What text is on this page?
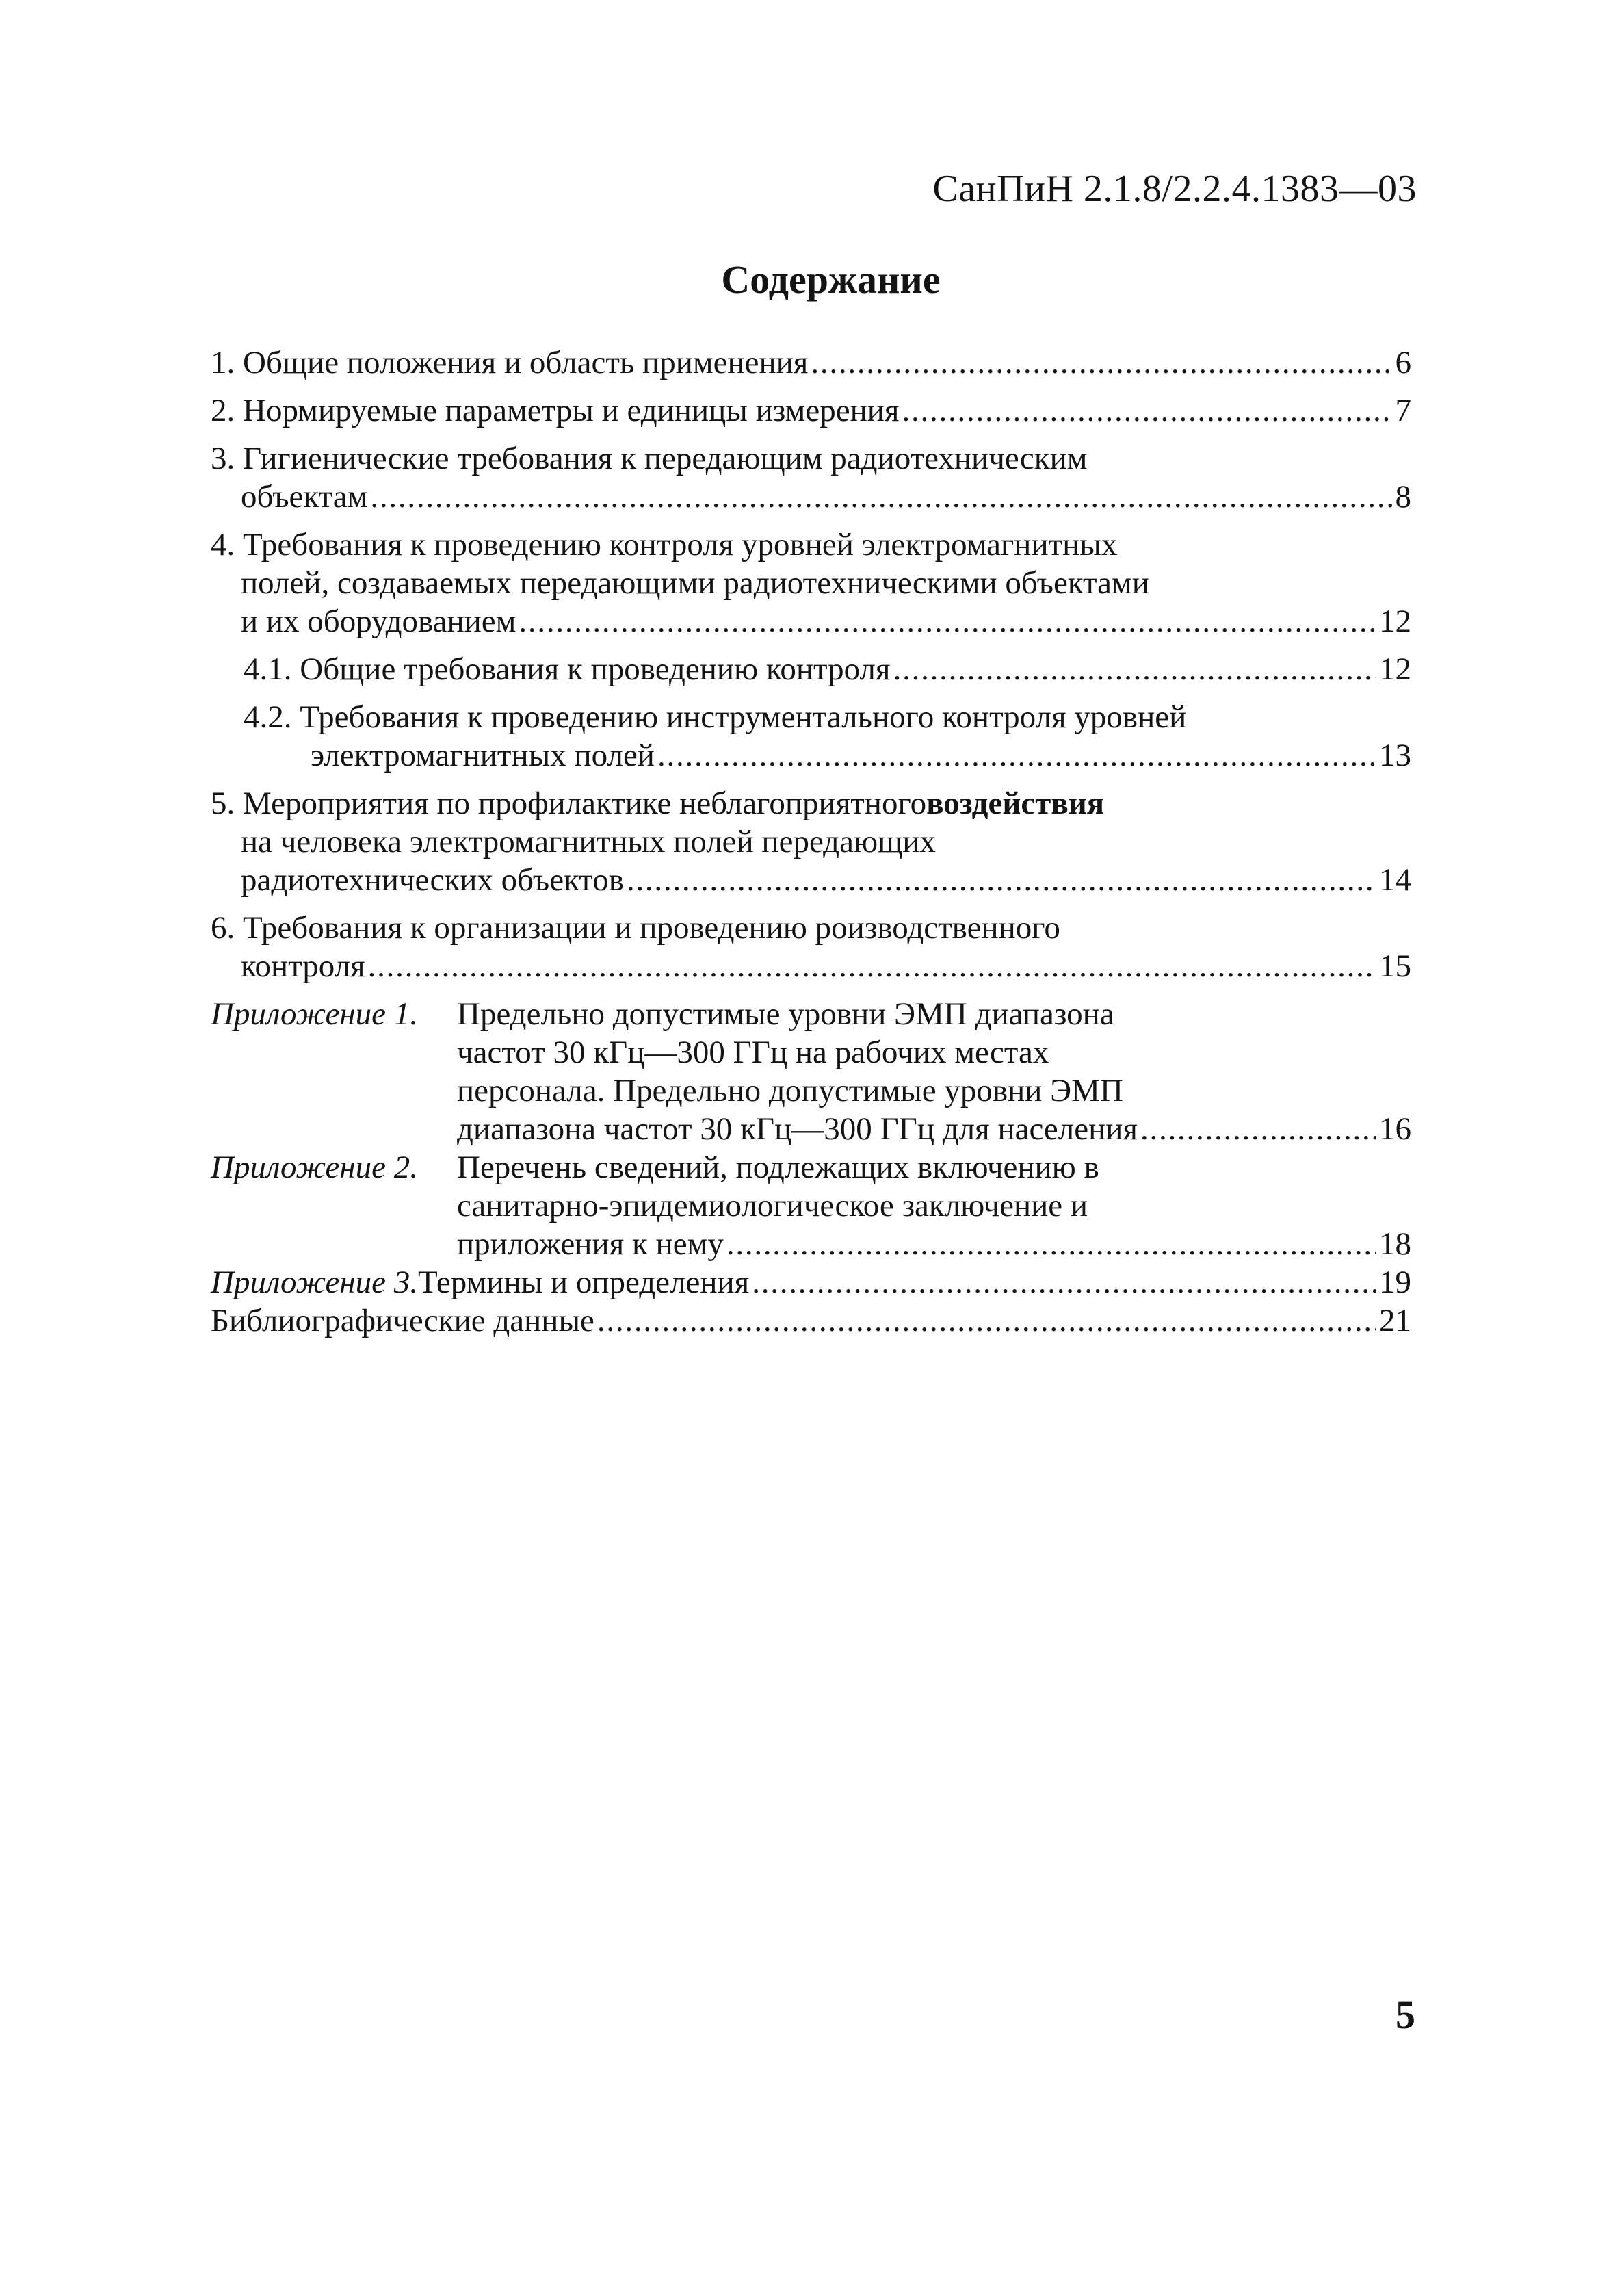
СанПиН 2.1.8/2.2.4.1383—03
Содержание
1. Общие положения и область применения . . .	6
2. Нормируемые параметры и единицы измерения . . .	7
3. Гигиенические требования к передающим радиотехническим
объектам . . .	8
4. Требования к проведению контроля уровней электромагнитных
полей, создаваемых передающими радиотехническими объектами
и их оборудованием . . .	12
4.1. Общие требования к проведению контроля . . .	12
4.2. Требования к проведению инструментального контроля уровней
электромагнитных полей . . .	13
5. Мероприятия по профилактике неблагоприятного воздействия
на человека электромагнитных полей передающих
радиотехнических объектов . . .	14
6. Требования к организации и проведению роизводственного
контроля . . .	15
Приложение 1.	Предельно допустимые уровни ЭМП диапазона
частот 30 кГц—300 ГГц на рабочих местах
персонала. Предельно допустимые уровни ЭМП
диапазона частот 30 кГц—300 ГГц для населения . . .	16
Приложение 2.	Перечень сведений, подлежащих включению в
санитарно-эпидемиологическое заключение и
приложения к нему . . .	18
Приложение 3. Термины и определения . . .	19
Библиографические данные . . .	21
5
